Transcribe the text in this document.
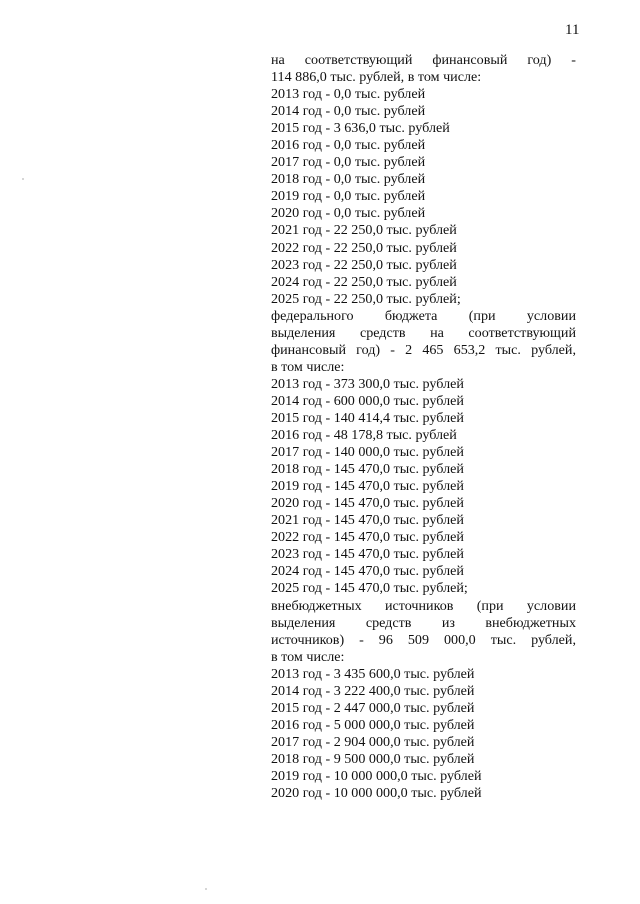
11
на соответствующий финансовый год) -
114 886,0 тыс. рублей, в том числе:
2013 год - 0,0 тыс. рублей
2014 год - 0,0 тыс. рублей
2015 год - 3 636,0 тыс. рублей
2016 год - 0,0 тыс. рублей
2017 год - 0,0 тыс. рублей
2018 год - 0,0 тыс. рублей
2019 год - 0,0 тыс. рублей
2020 год - 0,0 тыс. рублей
2021 год - 22 250,0 тыс. рублей
2022 год - 22 250,0 тыс. рублей
2023 год - 22 250,0 тыс. рублей
2024 год - 22 250,0 тыс. рублей
2025 год - 22 250,0 тыс. рублей;
федерального бюджета (при условии
выделения средств на соответствующий
финансовый год) - 2 465 653,2 тыс. рублей,
в том числе:
2013 год - 373 300,0 тыс. рублей
2014 год - 600 000,0 тыс. рублей
2015 год - 140 414,4 тыс. рублей
2016 год - 48 178,8 тыс. рублей
2017 год - 140 000,0 тыс. рублей
2018 год - 145 470,0 тыс. рублей
2019 год - 145 470,0 тыс. рублей
2020 год - 145 470,0 тыс. рублей
2021 год - 145 470,0 тыс. рублей
2022 год - 145 470,0 тыс. рублей
2023 год - 145 470,0 тыс. рублей
2024 год - 145 470,0 тыс. рублей
2025 год - 145 470,0 тыс. рублей;
внебюджетных источников (при условии
выделения средств из внебюджетных
источников) - 96 509 000,0 тыс. рублей,
в том числе:
2013 год - 3 435 600,0 тыс. рублей
2014 год - 3 222 400,0 тыс. рублей
2015 год - 2 447 000,0 тыс. рублей
2016 год - 5 000 000,0 тыс. рублей
2017 год - 2 904 000,0 тыс. рублей
2018 год - 9 500 000,0 тыс. рублей
2019 год - 10 000 000,0 тыс. рублей
2020 год - 10 000 000,0 тыс. рублей
